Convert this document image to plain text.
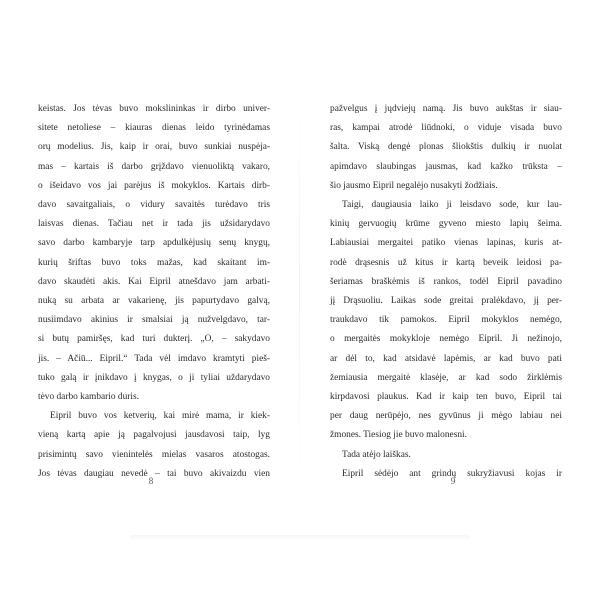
keistas. Jos tėvas buvo mokslininkas ir dirbo univer-
sitete netoliese – kiauras dienas leido tyrinėdamas
orų modelius. Jis, kaip ir orai, buvo sunkiai nuspėja-
mas – kartais iš darbo grįždavo vienuoliktą vakaro,
o išeidavo vos jai parėjus iš mokyklos. Kartais dirb-
davo savaitgaliais, o vidury savaitės turėdavo tris
laisvas dienas. Tačiau net ir tada jis užsidarydavo
savo darbo kambaryje tarp apdulkėjusių senų knygų,
kurių šriftas buvo toks mažas, kad skaitant im-
davo skaudėti akis. Kai Eipril atnešdavo jam arbati-
nuką su arbata ar vakarienę, jis papurtydavo galvą,
nusiimdavo akinius ir smalsiai ją nužvelgdavo, tar-
si butų pamiršęs, kad turi dukterį. „O, – sakydavo
jis. – Ačiū... Eipril.“ Tada vėl imdavo kramtyti pieš-
tuko galą ir įnikdavo į knygas, o ji tyliai uždarydavo
tėvo darbo kambario duris.
Eipril buvo vos ketverių, kai mirė mama, ir kiek-
vieną kartą apie ją pagalvojusi jausdavosi taip, lyg
prisimintų savo vienintelės mielas vasaros atostogas.
Jos tėvas daugiau nevedė – tai buvo akivaizdu vien
pažvelgus į jųdviejų namą. Jis buvo aukštas ir siau-
ras, kampai atrodė liūdnoki, o viduje visada buvo
šalta. Viską dengė plonas šliokštis dulkių ir nuolat
apimdavo slaubingas jausmas, kad kažko trūksta –
šio jausmo Eipril negalėjo nusakyti žodžiais.
Taigi, daugiausia laiko ji leisdavo sode, kur lau-
kinių gervuogių krūme gyveno miesto lapių šeima.
Labiausiai mergaitei patiko vienas lapinas, kuris at-
rodė drąsesnis už kitus ir kartą beveik leidosi pa-
šeriamas braškėmis iš rankos, todėl Eipril pavadino
jį Drąsuoliu. Laikas sode greitai pralėkdavo, jį per-
traukdavo tik pamokos. Eipril mokyklos nemėgo,
o mergaitės mokykloje nemėgo Eipril. Ji nežinojo,
ar dėl to, kad atsidavė lapėmis, ar kad buvo pati
žemiausia mergaitė klasėje, ar kad sodo žirklėmis
kirpdavosi plaukus. Kad ir kaip ten buvo, Eipril tai
per daug nerūpėjo, nes gyvūnus ji mėgo labiau nei
žmones. Tiesiog jie buvo malonesni.
Tada atėjo laiškas.
Eipril sėdėjo ant grindų sukryžiavusi kojas ir
8	9
